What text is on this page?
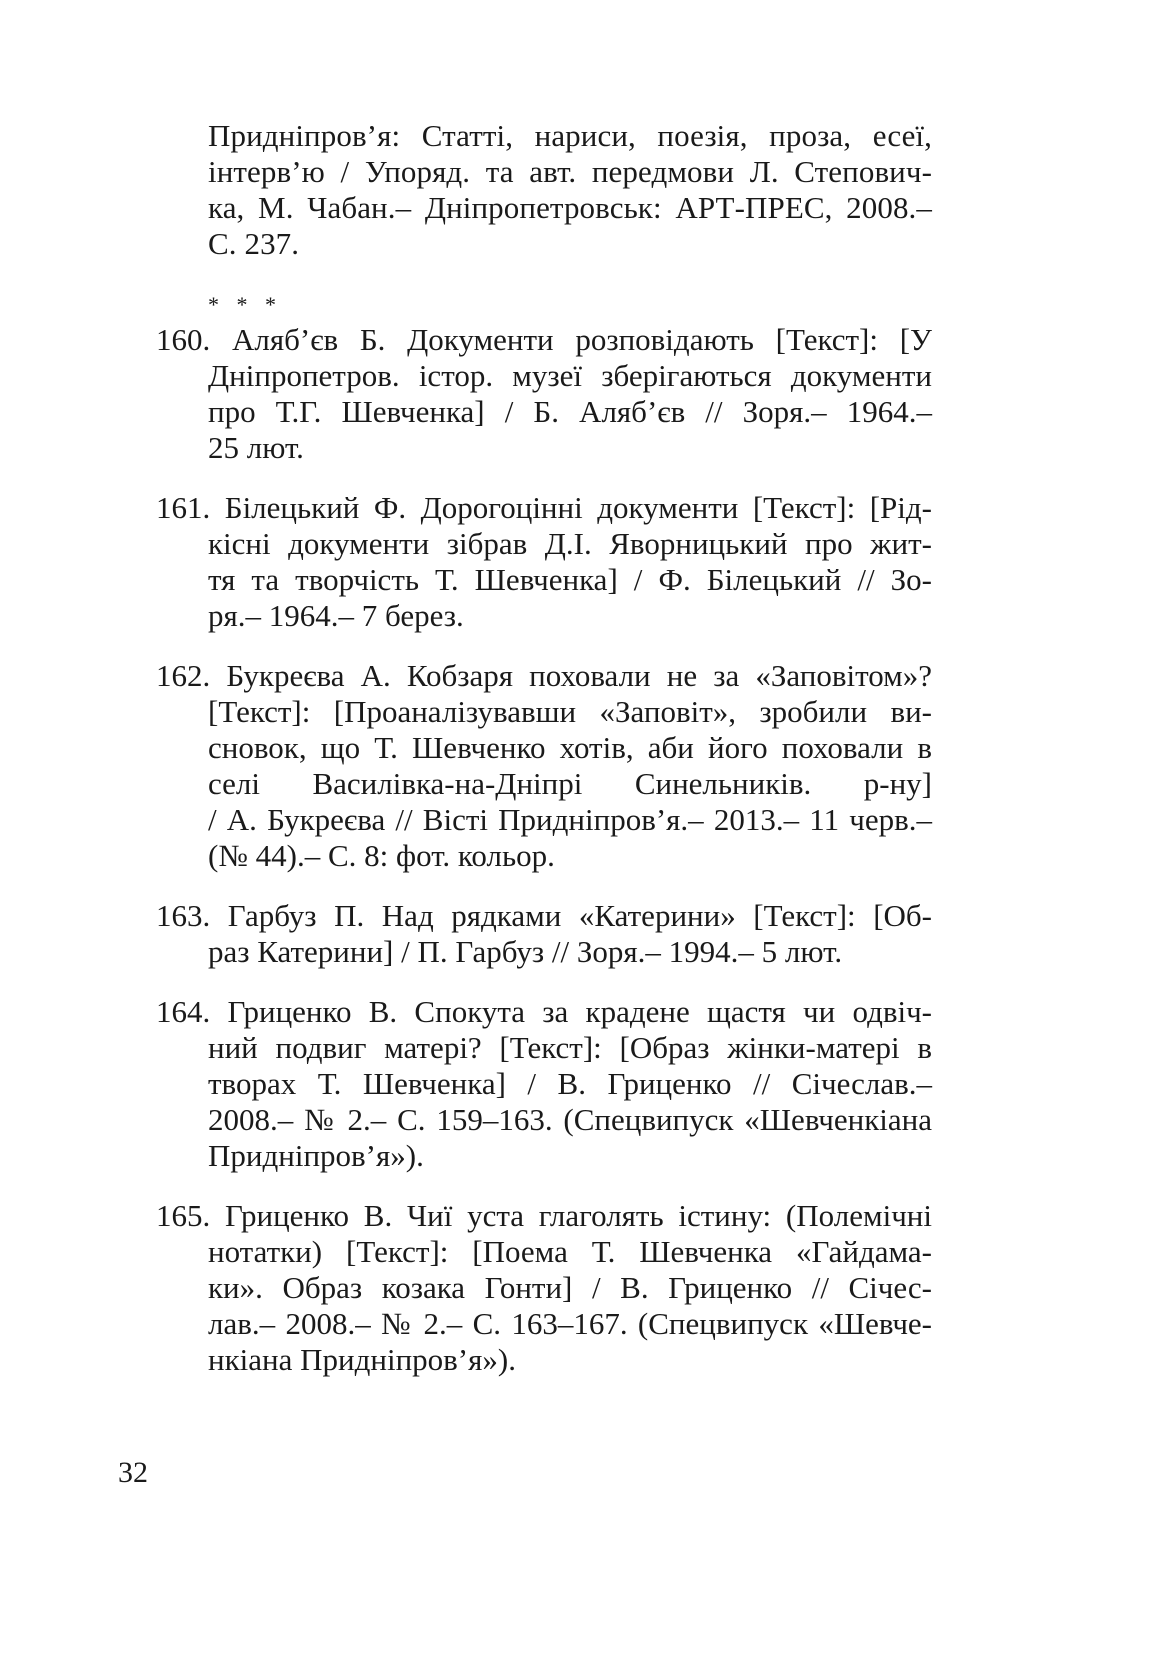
Придніпров’я: Статті, нариси, поезія, проза, есеї,
інтерв’ю / Упоряд. та авт. передмови Л. Степович-
ка, М. Чабан.– Дніпропетровськ: АРТ-ПРЕС, 2008.–
С. 237.
* * *
160. Аляб’єв Б. Документи розповідають [Текст]: [У
Дніпропетров. істор. музеї зберігаються документи
про Т.Г. Шевченка] / Б. Аляб’єв // Зоря.– 1964.–
25 лют.
161. Білецький Ф. Дорогоцінні документи [Текст]: [Рід-
кісні документи зібрав Д.І. Яворницький про жит-
тя та творчість Т. Шевченка] / Ф. Білецький // Зо-
ря.– 1964.– 7 берез.
162. Букреєва А. Кобзаря поховали не за «Заповітом»?
[Текст]: [Проаналізувавши «Заповіт», зробили ви-
сновок, що Т. Шевченко хотів, аби його поховали в
селі Василівка-на-Дніпрі Синельників. р-ну]
/ А. Букреєва // Вісті Придніпров’я.– 2013.– 11 черв.–
(№ 44).– С. 8: фот. кольор.
163. Гарбуз П. Над рядками «Катерини» [Текст]: [Об-
раз Катерини] / П. Гарбуз // Зоря.– 1994.– 5 лют.
164. Гриценко В. Спокута за крадене щастя чи одвіч-
ний подвиг матері? [Текст]: [Образ жінки-матері в
творах Т. Шевченка] / В. Гриценко // Січеслав.–
2008.– № 2.– С. 159–163. (Спецвипуск «Шевченкіана
Придніпров’я»).
165. Гриценко В. Чиї уста глаголять істину: (Полемічні
нотатки) [Текст]: [Поема Т. Шевченка «Гайдама-
ки». Образ козака Гонти] / В. Гриценко // Січес-
лав.– 2008.– № 2.– С. 163–167. (Спецвипуск «Шевче-
нкіана Придніпров’я»).
32
